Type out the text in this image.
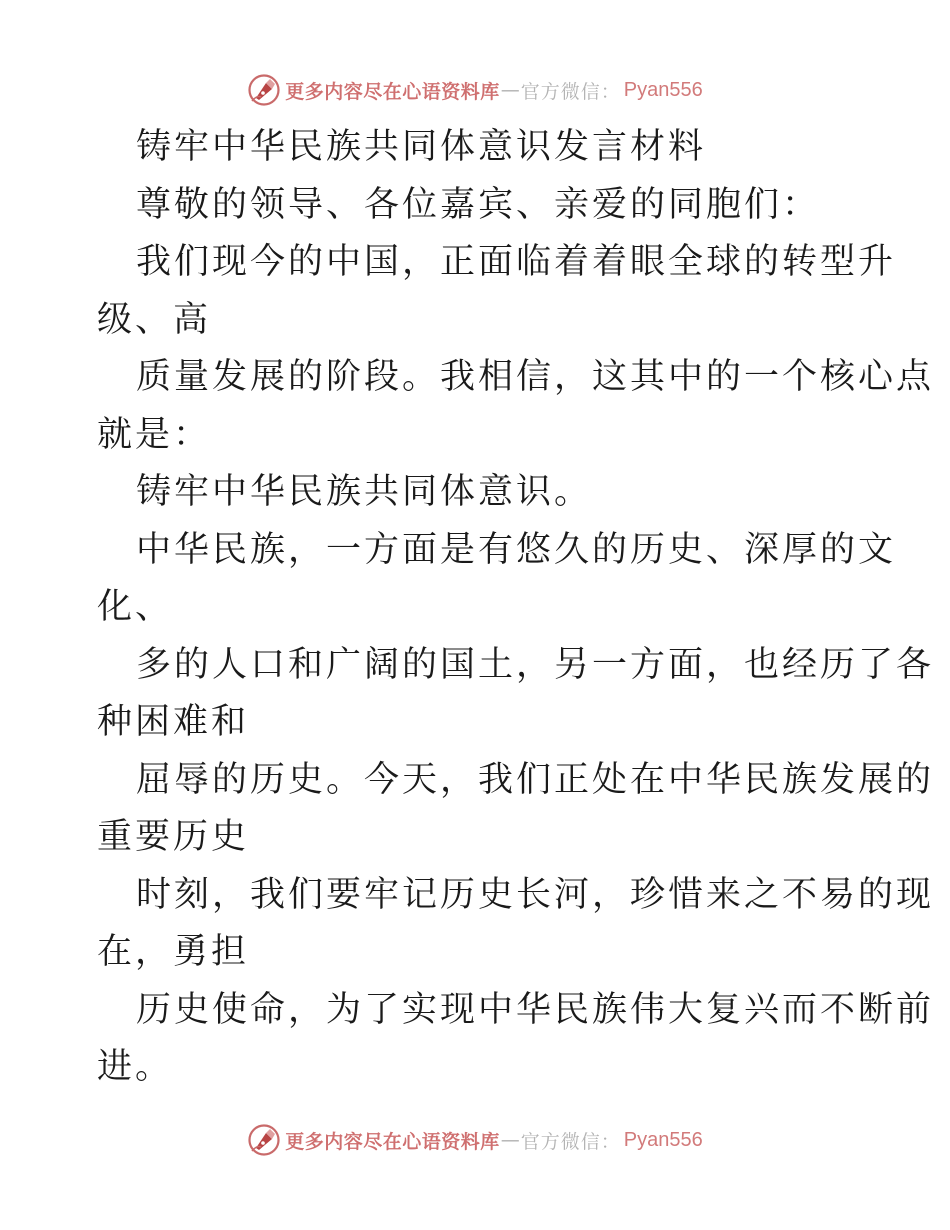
更多内容尽在心语资料库 — 官方微信： Pyan556
铸牢中华民族共同体意识发言材料
尊敬的领导、各位嘉宾、亲爱的同胞们：
我们现今的中国，正面临着着眼全球的转型升
级、高
质量发展的阶段。我相信，这其中的一个核心点
就是：
铸牢中华民族共同体意识。
中华民族，一方面是有悠久的历史、深厚的文
化、
多的人口和广阔的国土，另一方面，也经历了各
种困难和
屈辱的历史。今天，我们正处在中华民族发展的
重要历史
时刻，我们要牢记历史长河，珍惜来之不易的现
在，勇担
历史使命，为了实现中华民族伟大复兴而不断前
进。
更多内容尽在心语资料库 — 官方微信： Pyan556
